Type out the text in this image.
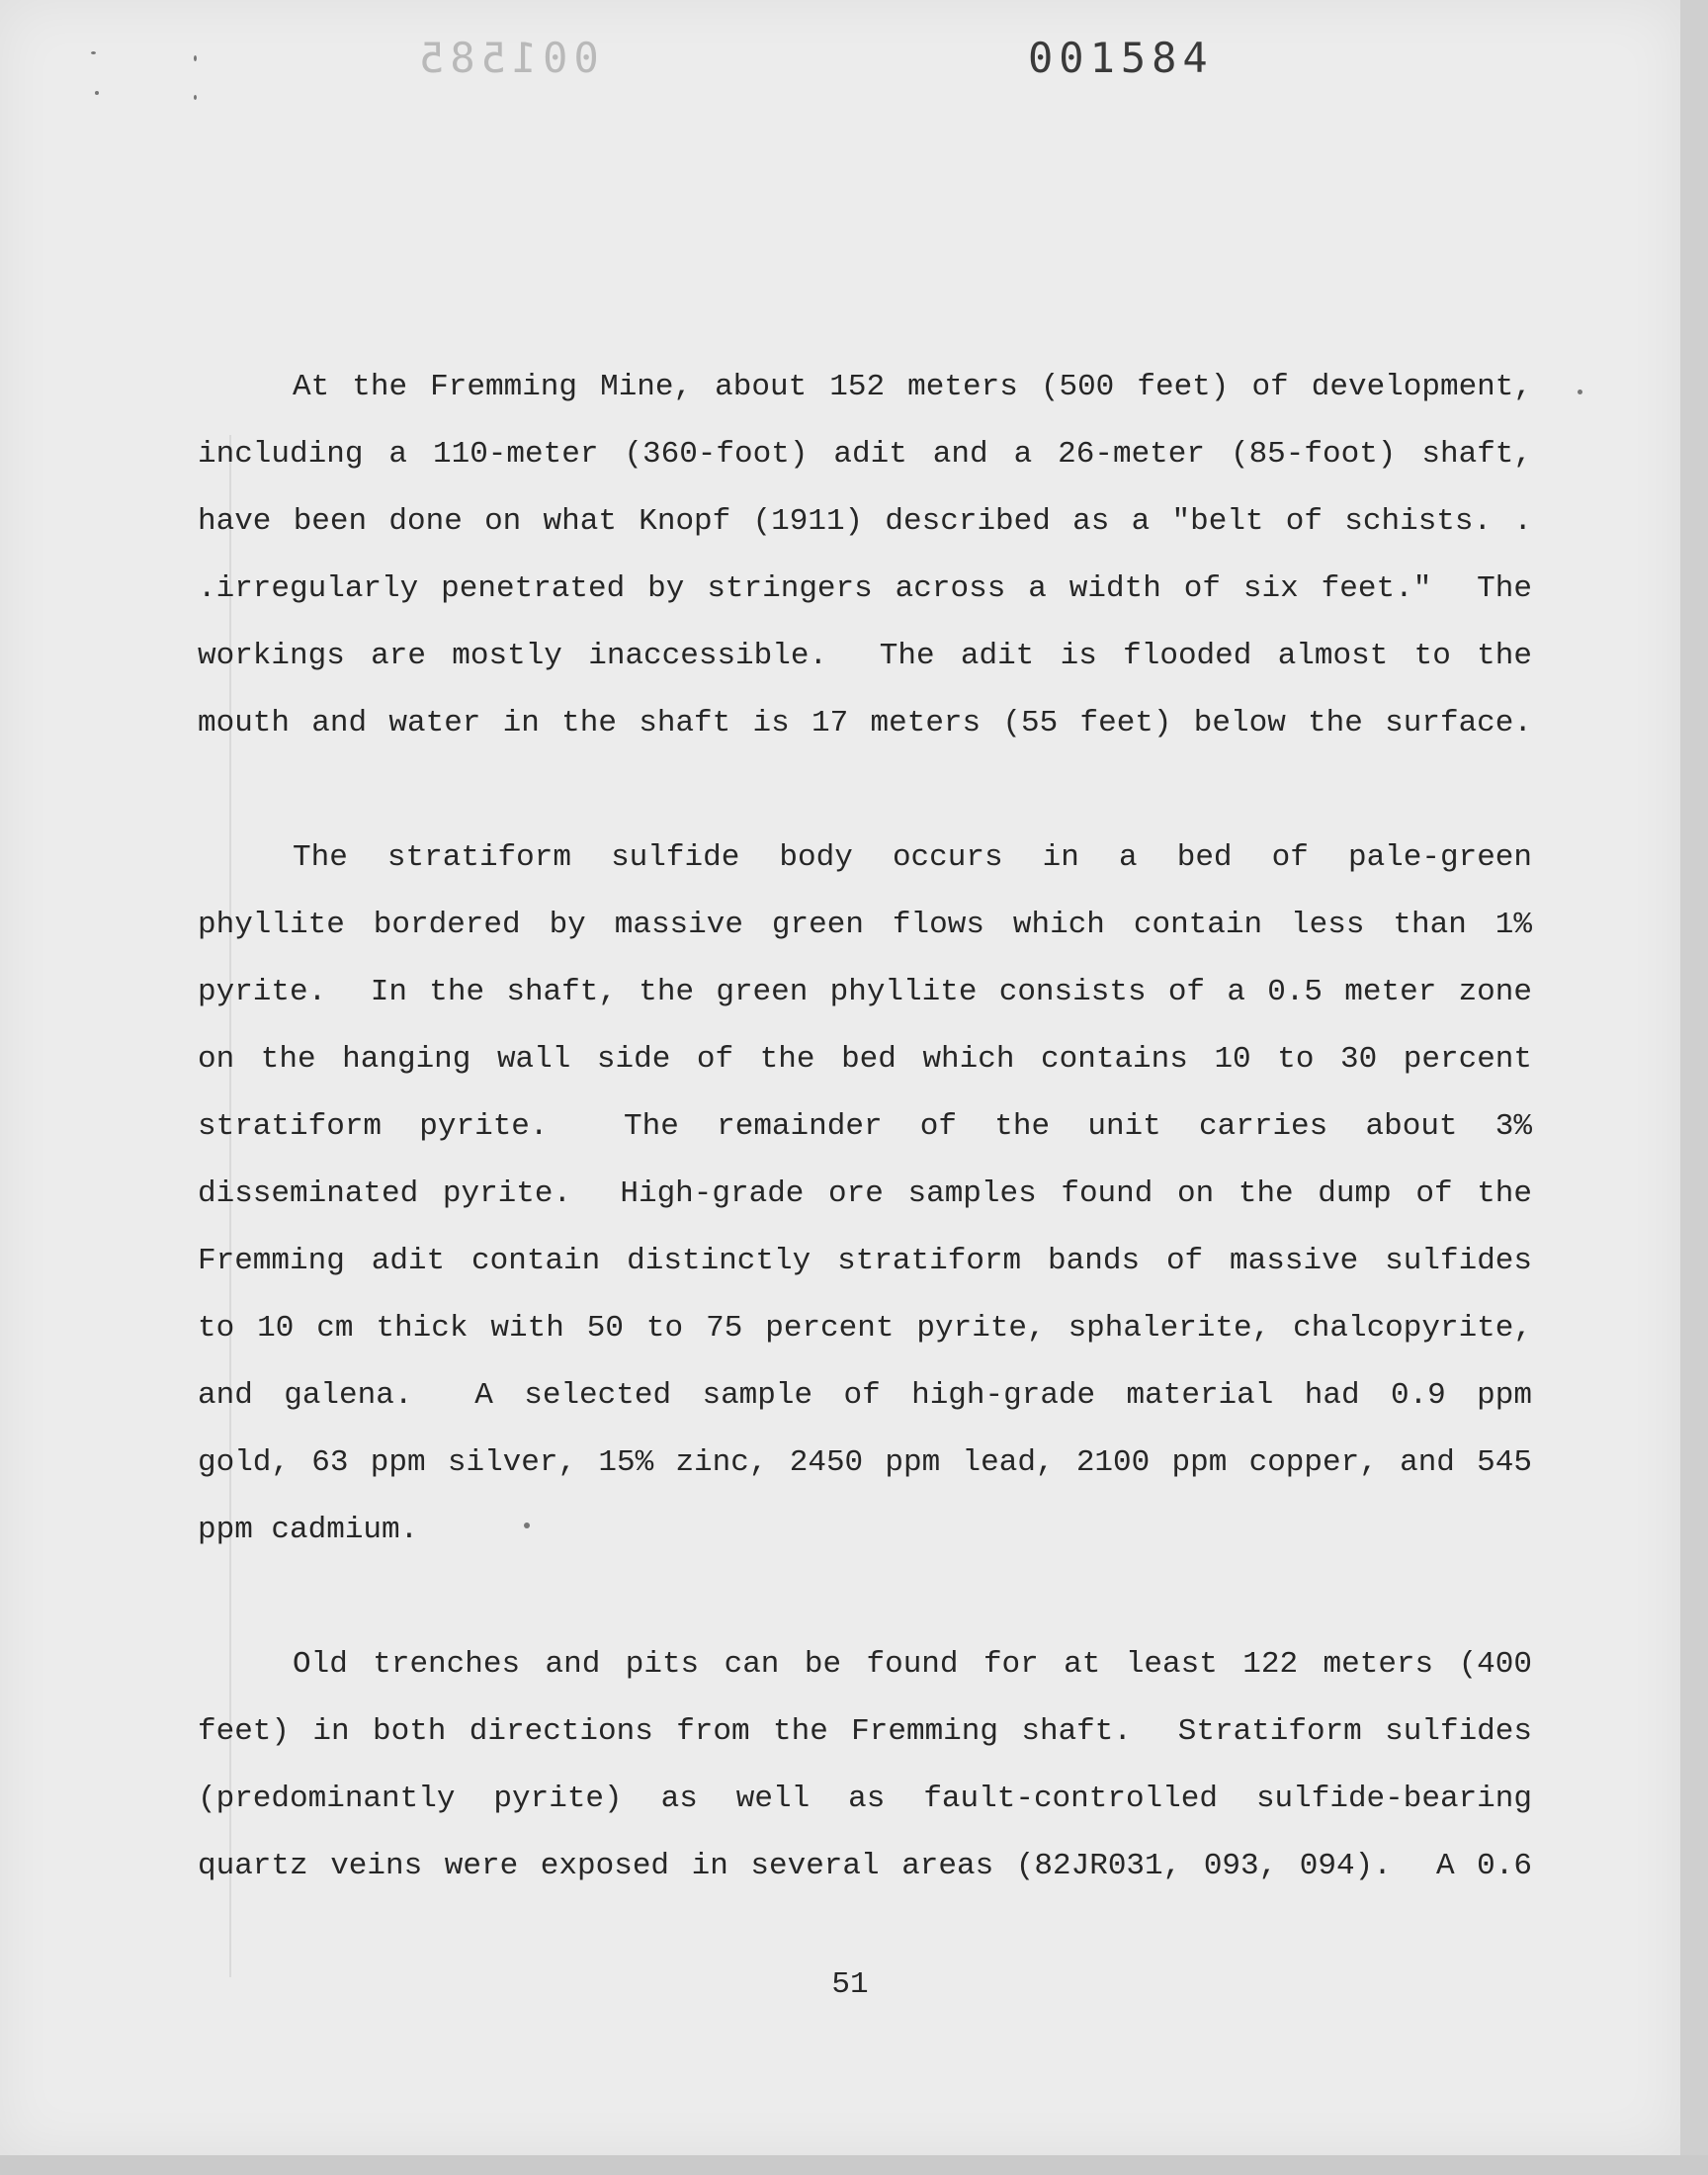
001585	001584
At the Fremming Mine, about 152 meters (500 feet) of development,
including a 110-meter (360-foot) adit and a 26-meter (85-foot) shaft,
have been done on what Knopf (1911) described as a "belt of schists. .
.irregularly penetrated by stringers across a width of six feet."  The
workings are mostly inaccessible.  The adit is flooded almost to the
mouth and water in the shaft is 17 meters (55 feet) below the surface.
The stratiform sulfide body occurs in a bed of pale-green
phyllite bordered by massive green flows which contain less than 1%
pyrite.  In the shaft, the green phyllite consists of a 0.5 meter zone
on the hanging wall side of the bed which contains 10 to 30 percent
stratiform pyrite.  The remainder of the unit carries about 3%
disseminated pyrite.  High-grade ore samples found on the dump of the
Fremming adit contain distinctly stratiform bands of massive sulfides
to 10 cm thick with 50 to 75 percent pyrite, sphalerite, chalcopyrite,
and galena.  A selected sample of high-grade material had 0.9 ppm
gold, 63 ppm silver, 15% zinc, 2450 ppm lead, 2100 ppm copper, and 545
ppm cadmium.
Old trenches and pits can be found for at least 122 meters (400
feet) in both directions from the Fremming shaft.  Stratiform sulfides
(predominantly pyrite) as well as fault-controlled sulfide-bearing
quartz veins were exposed in several areas (82JR031, 093, 094).  A 0.6
51
